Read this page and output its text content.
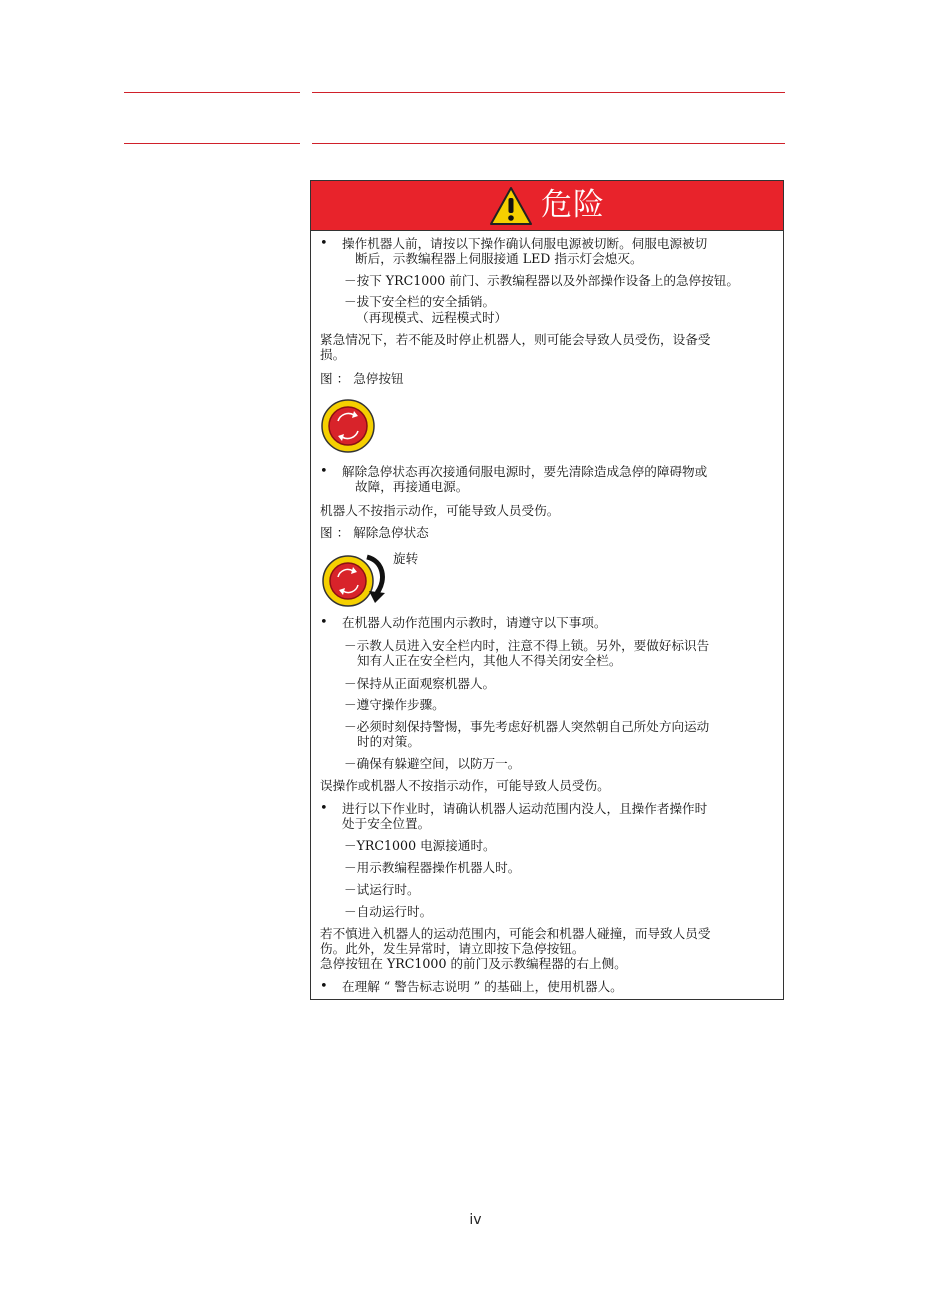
危险
• 操作机器人前，请按以下操作确认伺服电源被切断。伺服电源被切
断后，示教编程器上伺服接通 LED 指示灯会熄灭。
－按下 YRC1000 前门、示教编程器以及外部操作设备上的急停按钮。
－拔下安全栏的安全插销。
（再现模式、远程模式时）
紧急情况下，若不能及时停止机器人，则可能会导致人员受伤，设备受
损。
图 ： 急停按钮
• 解除急停状态再次接通伺服电源时，要先清除造成急停的障碍物或
故障，再接通电源。
机器人不按指示动作，可能导致人员受伤。
图 ： 解除急停状态
旋转
• 在机器人动作范围内示教时，请遵守以下事项。
－示教人员进入安全栏内时，注意不得上锁。另外，要做好标识告
知有人正在安全栏内，其他人不得关闭安全栏。
－保持从正面观察机器人。
－遵守操作步骤。
－必须时刻保持警惕，事先考虑好机器人突然朝自己所处方向运动
时的对策。
－确保有躲避空间，以防万一。
误操作或机器人不按指示动作，可能导致人员受伤。
• 进行以下作业时，请确认机器人运动范围内没人，且操作者操作时
处于安全位置。
－YRC1000 电源接通时。
－用示教编程器操作机器人时。
－试运行时。
－自动运行时。
若不慎进入机器人的运动范围内，可能会和机器人碰撞，而导致人员受
伤。此外，发生异常时，请立即按下急停按钮。
急停按钮在 YRC1000 的前门及示教编程器的右上侧。
• 在理解 “ 警告标志说明 ” 的基础上，使用机器人。
iv
